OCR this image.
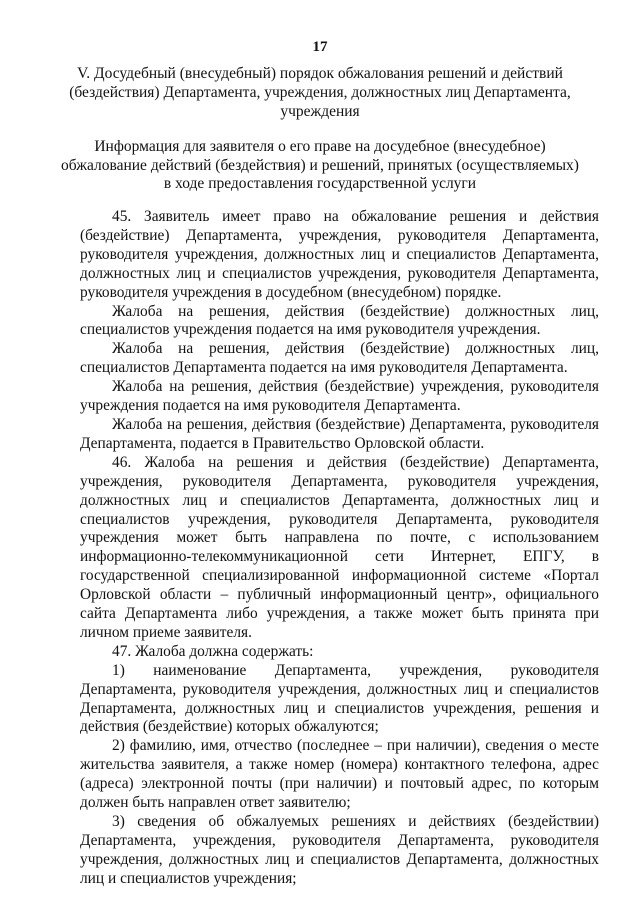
17
V. Досудебный (внесудебный) порядок обжалования решений и действий
(бездействия) Департамента, учреждения, должностных лиц Департамента,
учреждения
Информация для заявителя о его праве на досудебное (внесудебное)
обжалование действий (бездействия) и решений, принятых (осуществляемых)
в ходе предоставления государственной услуги

45. Заявитель имеет право на обжалование решения и действия (бездействие) Департамента, учреждения, руководителя Департамента, руководителя учреждения, должностных лиц и специалистов Департамента, должностных лиц и специалистов учреждения, руководителя Департамента, руководителя учреждения в досудебном (внесудебном) порядке.

Жалоба на решения, действия (бездействие) должностных лиц, специалистов учреждения подается на имя руководителя учреждения.

Жалоба на решения, действия (бездействие) должностных лиц, специалистов Департамента подается на имя руководителя Департамента.

Жалоба на решения, действия (бездействие) учреждения, руководителя учреждения подается на имя руководителя Департамента.

Жалоба на решения, действия (бездействие) Департамента, руководителя Департамента, подается в Правительство Орловской области.

46. Жалоба на решения и действия (бездействие) Департамента, учреждения, руководителя Департамента, руководителя учреждения, должностных лиц и специалистов Департамента, должностных лиц и специалистов учреждения, руководителя Департамента, руководителя учреждения может быть направлена по почте, с использованием информационно-телекоммуникационной сети Интернет, ЕПГУ, в государственной специализированной информационной системе «Портал Орловской области – публичный информационный центр», официального сайта Департамента либо учреждения, а также может быть принята при личном приеме заявителя.

47. Жалоба должна содержать:

1) наименование Департамента, учреждения, руководителя Департамента, руководителя учреждения, должностных лиц и специалистов Департамента, должностных лиц и специалистов учреждения, решения и действия (бездействие) которых обжалуются;

2) фамилию, имя, отчество (последнее – при наличии), сведения о месте жительства заявителя, а также номер (номера) контактного телефона, адрес (адреса) электронной почты (при наличии) и почтовый адрес, по которым должен быть направлен ответ заявителю;

3) сведения об обжалуемых решениях и действиях (бездействии) Департамента, учреждения, руководителя Департамента, руководителя учреждения, должностных лиц и специалистов Департамента, должностных лиц и специалистов учреждения;
